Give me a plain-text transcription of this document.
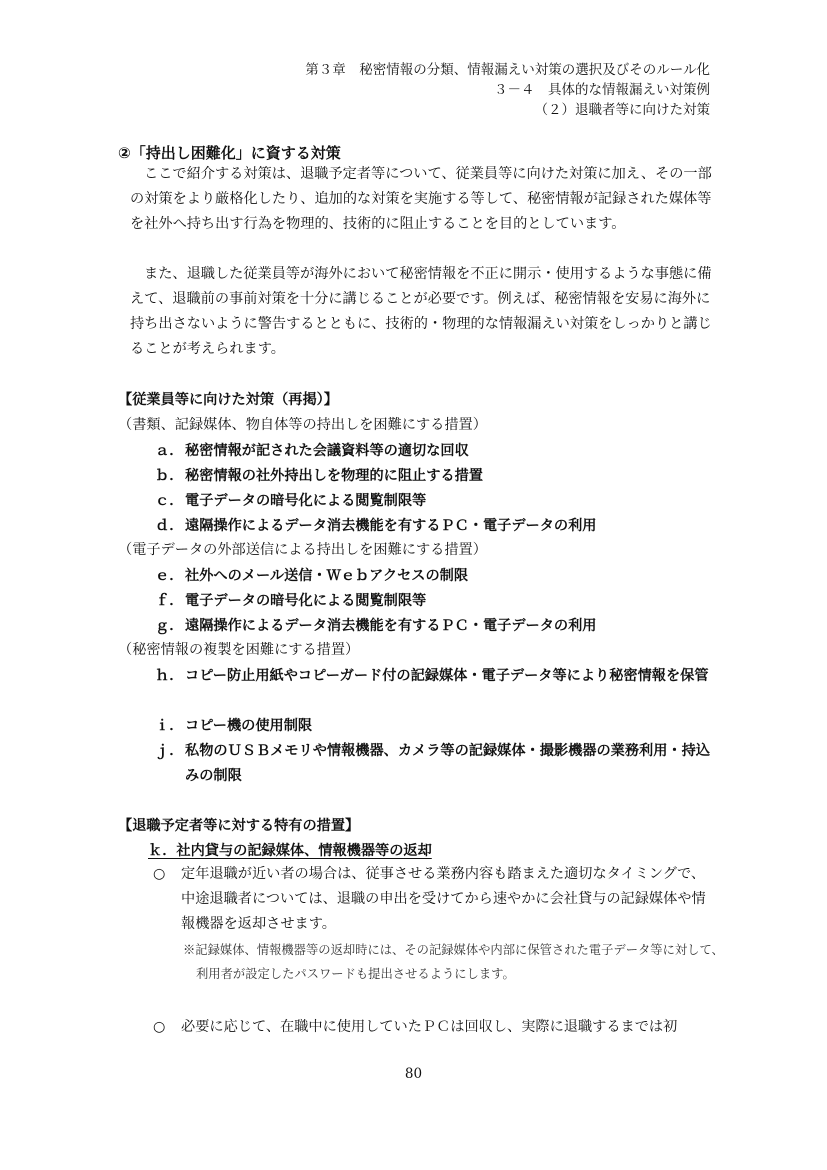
第３章　秘密情報の分類、情報漏えい対策の選択及びそのルール化
３－４　具体的な情報漏えい対策例
（２）退職者等に向けた対策
②「持出し困難化」に資する対策
ここで紹介する対策は、退職予定者等について、従業員等に向けた対策に加え、その一部の対策をより厳格化したり、追加的な対策を実施する等して、秘密情報が記録された媒体等を社外へ持ち出す行為を物理的、技術的に阻止することを目的としています。
また、退職した従業員等が海外において秘密情報を不正に開示・使用するような事態に備えて、退職前の事前対策を十分に講じることが必要です。例えば、秘密情報を安易に海外に持ち出さないように警告するとともに、技術的・物理的な情報漏えい対策をしっかりと講じることが考えられます。
【従業員等に向けた対策（再掲）】
（書類、記録媒体、物自体等の持出しを困難にする措置）
ａ． 秘密情報が記された会議資料等の適切な回収
ｂ． 秘密情報の社外持出しを物理的に阻止する措置
ｃ． 電子データの暗号化による閲覧制限等
ｄ． 遠隔操作によるデータ消去機能を有するＰＣ・電子データの利用
（電子データの外部送信による持出しを困難にする措置）
ｅ． 社外へのメール送信・Ｗｅｂアクセスの制限
ｆ． 電子データの暗号化による閲覧制限等
ｇ． 遠隔操作によるデータ消去機能を有するＰＣ・電子データの利用
（秘密情報の複製を困難にする措置）
ｈ． コピー防止用紙やコピーガード付の記録媒体・電子データ等により秘密情報を保管
ｉ． コピー機の使用制限
ｊ． 私物のＵＳＢメモリや情報機器、カメラ等の記録媒体・撮影機器の業務利用・持込みの制限
【退職予定者等に対する特有の措置】
ｋ．社内貸与の記録媒体、情報機器等の返却
○	定年退職が近い者の場合は、従事させる業務内容も踏まえた適切なタイミングで、中途退職者については、退職の申出を受けてから速やかに会社貸与の記録媒体や情報機器を返却させます。
※記録媒体、情報機器等の返却時には、その記録媒体や内部に保管された電子データ等に対して、利用者が設定したパスワードも提出させるようにします。
○	必要に応じて、在職中に使用していたＰＣは回収し、実際に退職するまでは初
80
